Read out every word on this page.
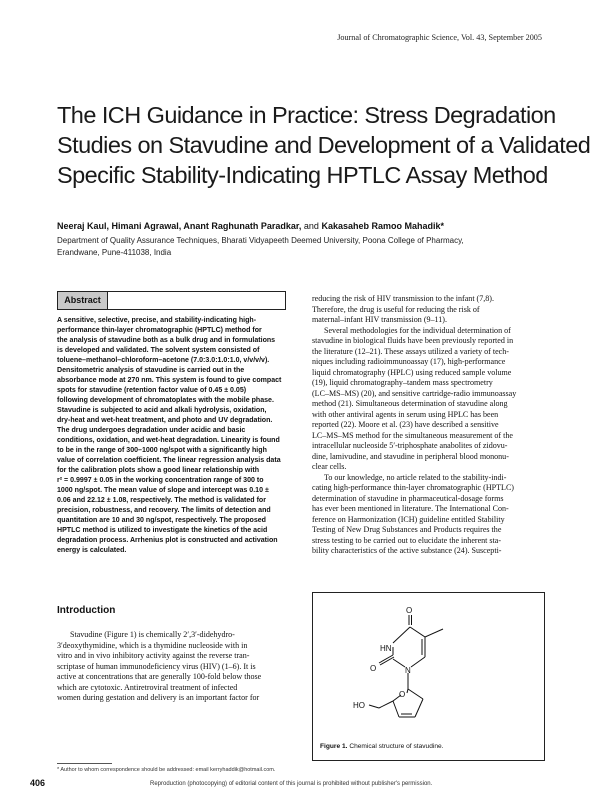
Journal of Chromatographic Science, Vol. 43, September 2005
The ICH Guidance in Practice: Stress Degradation
Studies on Stavudine and Development of a Validated
Specific Stability-Indicating HPTLC Assay Method
Neeraj Kaul, Himani Agrawal, Anant Raghunath Paradkar, and Kakasaheb Ramoo Mahadik*
Department of Quality Assurance Techniques, Bharati Vidyapeeth Deemed University, Poona College of Pharmacy,
Erandwane, Pune-411038, India
Abstract
A sensitive, selective, precise, and stability-indicating high-
performance thin-layer chromatographic (HPTLC) method for
the analysis of stavudine both as a bulk drug and in formulations
is developed and validated. The solvent system consisted of
toluene–methanol–chloroform–acetone (7.0:3.0:1.0:1.0, v/v/v/v).
Densitometric analysis of stavudine is carried out in the
absorbance mode at 270 nm. This system is found to give compact
spots for stavudine (retention factor value of 0.45 ± 0.05)
following development of chromatoplates with the mobile phase.
Stavudine is subjected to acid and alkali hydrolysis, oxidation,
dry-heat and wet-heat treatment, and photo and UV degradation.
The drug undergoes degradation under acidic and basic
conditions, oxidation, and wet-heat degradation. Linearity is found
to be in the range of 300–1000 ng/spot with a significantly high
value of correlation coefficient. The linear regression analysis data
for the calibration plots show a good linear relationship with
r² = 0.9997 ± 0.05 in the working concentration range of 300 to
1000 ng/spot. The mean value of slope and intercept was 0.10 ±
0.06 and 22.12 ± 1.08, respectively. The method is validated for
precision, robustness, and recovery. The limits of detection and
quantitation are 10 and 30 ng/spot, respectively. The proposed
HPTLC method is utilized to investigate the kinetics of the acid
degradation process. Arrhenius plot is constructed and activation
energy is calculated.
Introduction
Stavudine (Figure 1) is chemically 2′,3′-didehydro-
3′deoxythymidine, which is a thymidine nucleoside with in
vitro and in vivo inhibitory activity against the reverse tran-
scriptase of human immunodeficiency virus (HIV) (1–6). It is
active at concentrations that are generally 100-fold below those
which are cytotoxic. Antiretroviral treatment of infected
women during gestation and delivery is an important factor for
reducing the risk of HIV transmission to the infant (7,8).
Therefore, the drug is useful for reducing the risk of
maternal–infant HIV transmission (9–11).
Several methodologies for the individual determination of
stavudine in biological fluids have been previously reported in
the literature (12–21). These assays utilized a variety of tech-
niques including radioimmunoassay (17), high-performance
liquid chromatography (HPLC) using reduced sample volume
(19), liquid chromatography–tandem mass spectrometry
(LC–MS–MS) (20), and sensitive cartridge-radio immunoassay
method (21). Simultaneous determination of stavudine along
with other antiviral agents in serum using HPLC has been
reported (22). Moore et al. (23) have described a sensitive
LC–MS–MS method for the simultaneous measurement of the
intracellular nucleoside 5′-triphosphate anabolites of zidovu-
dine, lamivudine, and stavudine in peripheral blood mononu-
clear cells.
To our knowledge, no article related to the stability-indi-
cating high-performance thin-layer chromatographic (HPTLC)
determination of stavudine in pharmaceutical-dosage forms
has ever been mentioned in literature. The International Con-
ference on Harmonization (ICH) guideline entitled Stability
Testing of New Drug Substances and Products requires the
stress testing to be carried out to elucidate the inherent sta-
bility characteristics of the active substance (24). Suscepti-
O
HN
O	N
O
HO
Figure 1. Chemical structure of stavudine.
* Author to whom correspondence should be addressed: email kerryhaddik@hotmail.com.
406	Reproduction (photocopying) of editorial content of this journal is prohibited without publisher's permission.
